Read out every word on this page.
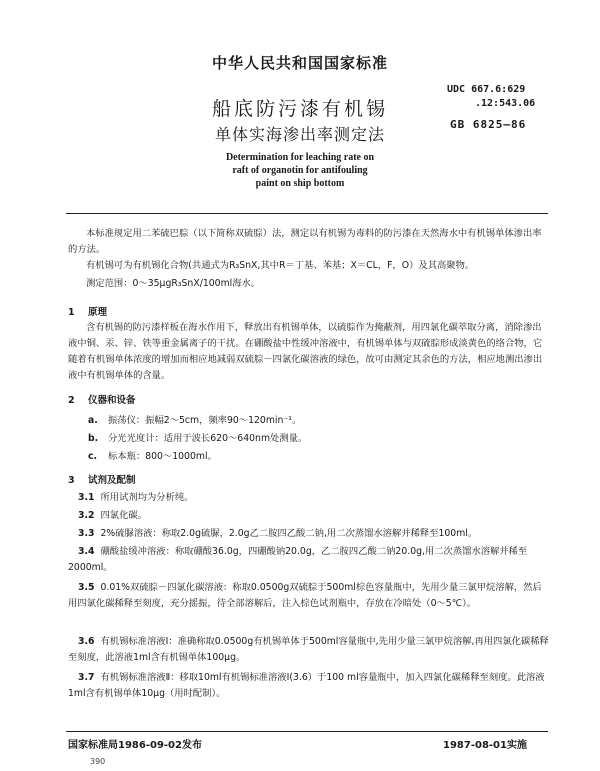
中华人民共和国国家标准
UDC 667.6:629
.12:543.06
GB 6825—86
船底防污漆有机锡
单体实海渗出率测定法
Determination for leaching rate on
raft of organotin for antifouling
paint on ship bottom
本标准规定用二苯硫巴腙（以下简称双硫腙）法，测定以有机锡为毒料的防污漆在天然海水中有机锡单体渗出率的方法。
有机锡可为有机锡化合物(共通式为R₃SnX,其中R＝丁基、苯基；X＝CL，F，O）及其高聚物。
测定范围：0～35μgR₃SnX/100ml海水。
1 原理
含有机锡的防污漆样板在海水作用下，释放出有机锡单体，以硫腙作为掩蔽剂，用四氯化碳萃取分离，消除渗出液中铜、汞、锌、铁等重金属离子的干扰。在硼酸盐中性缓冲溶液中，有机锡单体与双硫腙形成淡黄色的络合物，它随着有机锡单体浓度的增加而相应地减弱双硫腙－四氯化碳溶液的绿色，故可由测定其余色的方法，相应地测出渗出液中有机锡单体的含量。
2 仪器和设备
a. 振荡仪：振幅2～5cm，频率90～120min⁻¹。
b. 分光光度计：适用于波长620～640nm处测量。
c. 标本瓶：800～1000ml。
3 试剂及配制
3.1 所用试剂均为分析纯。
3.2 四氯化碳。
3.3 2%硫脲溶液：称取2.0g硫脲，2.0g乙二胺四乙酸二钠,用二次蒸馏水溶解并稀释至100ml。
3.4 硼酸盐缓冲溶液：称取硼酸36.0g，四硼酸钠20.0g，乙二胺四乙酸二钠20.0g,用二次蒸馏水溶解并稀至2000ml。
3.5 0.01%双硫腙－四氯化碳溶液：称取0.0500g双硫腙于500ml棕色容量瓶中，先用少量三氯甲烷溶解，然后用四氯化碳稀释至刻度，充分摇振，待全部溶解后，注入棕色试剂瓶中，存放在冷暗处（0～5℃）。
3.6 有机锡标准溶液Ⅰ：准确称取0.0500g有机锡单体于500ml容量瓶中,先用少量三氯甲烷溶解,再用四氯化碳稀释至刻度，此溶液1ml含有机锡单体100μg。
3.7 有机锡标准溶液Ⅱ：移取10ml有机锡标准溶液Ⅰ(3.6）于100 ml容量瓶中，加入四氯化碳稀释至刻度。此溶液1ml含有机锡单体10μg（用时配制）。
国家标准局1986-09-02发布	1987-08-01实施
390
